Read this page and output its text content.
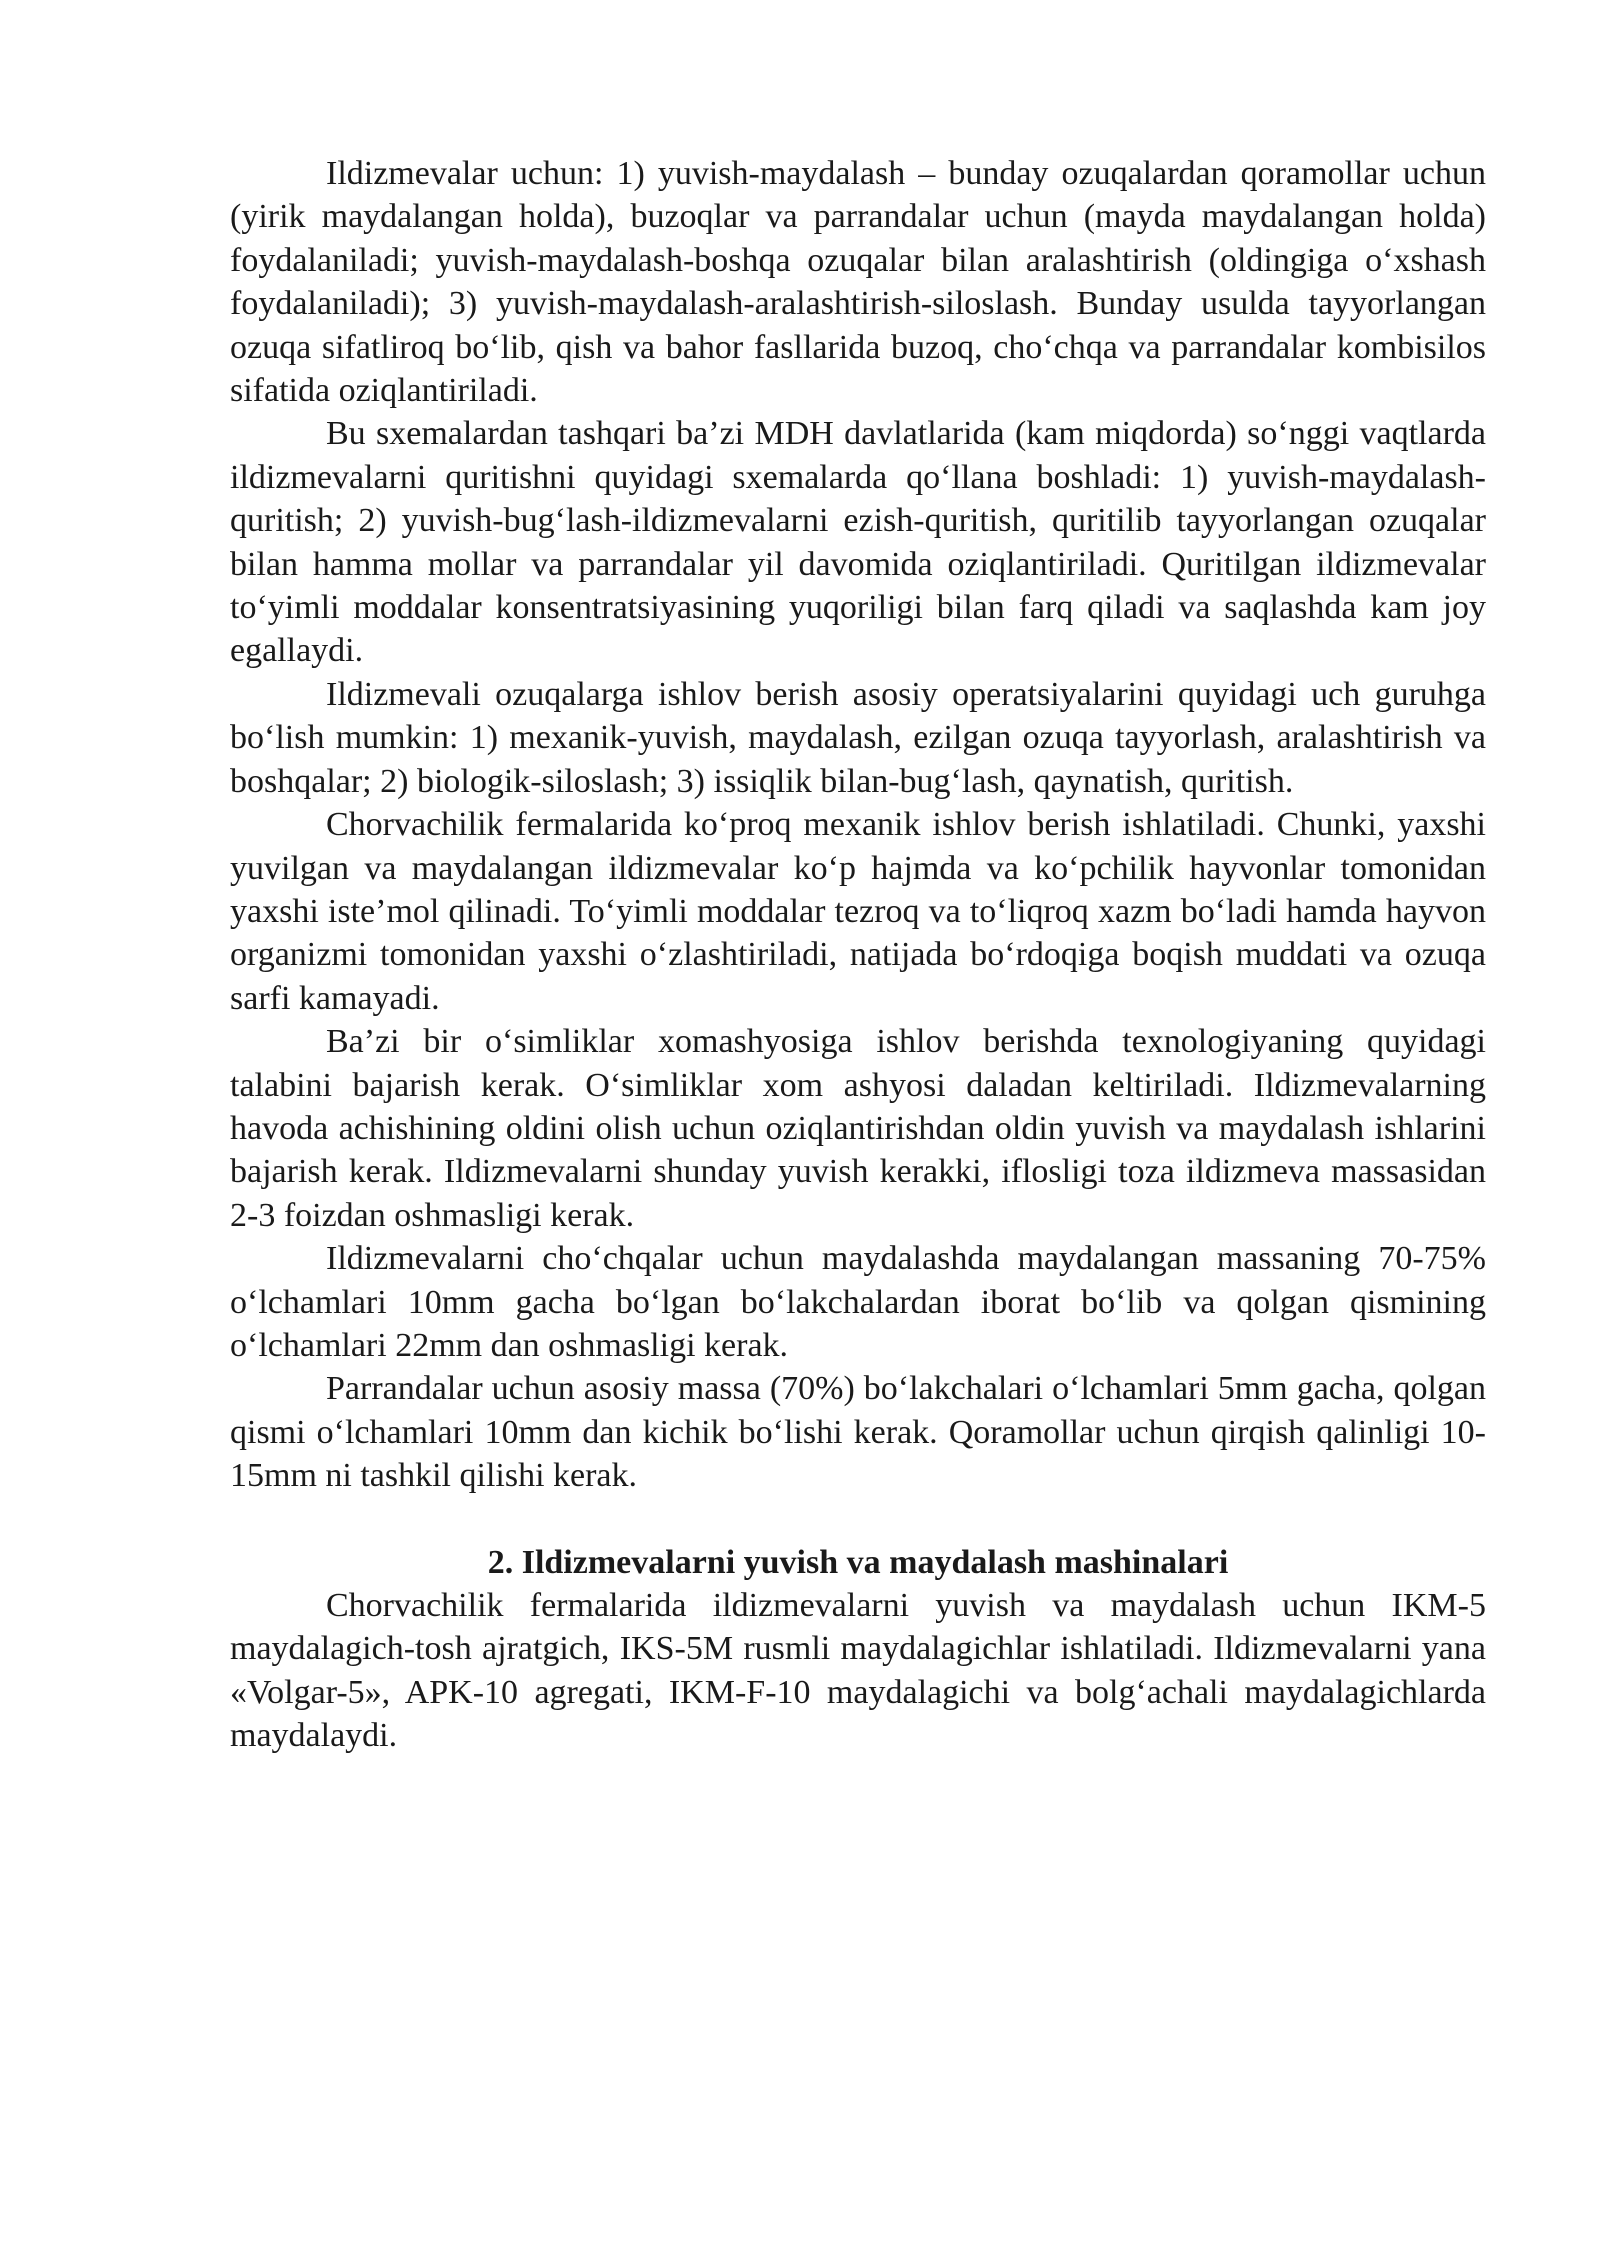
Ildizmevalar uchun: 1) yuvish-maydalash – bunday ozuqalardan qoramollar uchun (yirik maydalangan holda), buzoqlar va parrandalar uchun (mayda maydalangan holda) foydalaniladi; yuvish-maydalash-boshqa ozuqalar bilan aralashtirish (oldingiga o‘xshash foydalaniladi); 3) yuvish-maydalash-aralashtirish-siloslash. Bunday usulda tayyorlangan ozuqa sifatliroq bo‘lib, qish va bahor fasllarida buzoq, cho‘chqa va parrandalar kombisilos sifatida oziqlantiriladi.

Bu sxemalardan tashqari ba’zi MDH davlatlarida (kam miqdorda) so‘nggi vaqtlarda ildizmevalarni quritishni quyidagi sxemalarda qo‘llana boshladi: 1) yuvish-maydalash-quritish; 2) yuvish-bug‘lash-ildizmevalarni ezish-quritish, quritilib tayyorlangan ozuqalar bilan hamma mollar va parrandalar yil davomida oziqlantiriladi. Quritilgan ildizmevalar to‘yimli moddalar konsentratsiyasining yuqoriligi bilan farq qiladi va saqlashda kam joy egallaydi.

Ildizmevali ozuqalarga ishlov berish asosiy operatsiyalarini quyidagi uch guruhga bo‘lish mumkin: 1) mexanik-yuvish, maydalash, ezilgan ozuqa tayyorlash, aralashtirish va boshqalar; 2) biologik-siloslash; 3) issiqlik bilan-bug‘lash, qaynatish, quritish.

Chorvachilik fermalarida ko‘proq mexanik ishlov berish ishlatiladi. Chunki, yaxshi yuvilgan va maydalangan ildizmevalar ko‘p hajmda va ko‘pchilik hayvonlar tomonidan yaxshi iste’mol qilinadi. To‘yimli moddalar tezroq va to‘liqroq xazm bo‘ladi hamda hayvon organizmi tomonidan yaxshi o‘zlashtiriladi, natijada bo‘rdoqiga boqish muddati va ozuqa sarfi kamayadi.

Ba’zi bir o‘simliklar xomashyosiga ishlov berishda texnologiyaning quyidagi talabini bajarish kerak. O‘simliklar xom ashyosi daladan keltiriladi. Ildizmevalarning havoda achishining oldini olish uchun oziqlantirishdan oldin yuvish va maydalash ishlarini bajarish kerak. Ildizmevalarni shunday yuvish kerakki, iflosligi toza ildizmeva massasidan 2-3 foizdan oshmasligi kerak.

Ildizmevalarni cho‘chqalar uchun maydalashda maydalangan massaning 70-75% o‘lchamlari 10mm gacha bo‘lgan bo‘lakchalardan iborat bo‘lib va qolgan qismining o‘lchamlari 22mm dan oshmasligi kerak.

Parrandalar uchun asosiy massa (70%) bo‘lakchalari o‘lchamlari 5mm gacha, qolgan qismi o‘lchamlari 10mm dan kichik bo‘lishi kerak. Qoramollar uchun qirqish qalinligi 10-15mm ni tashkil qilishi kerak.

2. Ildizmevalarni yuvish va maydalash mashinalari

Chorvachilik fermalarida ildizmevalarni yuvish va maydalash uchun IKM-5 maydalagich-tosh ajratgich, IKS-5M rusmli maydalagichlar ishlatiladi. Ildizmevalarni yana «Volgar-5», APK-10 agregati, IKM-F-10 maydalagichi va bolg‘achali maydalagichlarda maydalaydi.
